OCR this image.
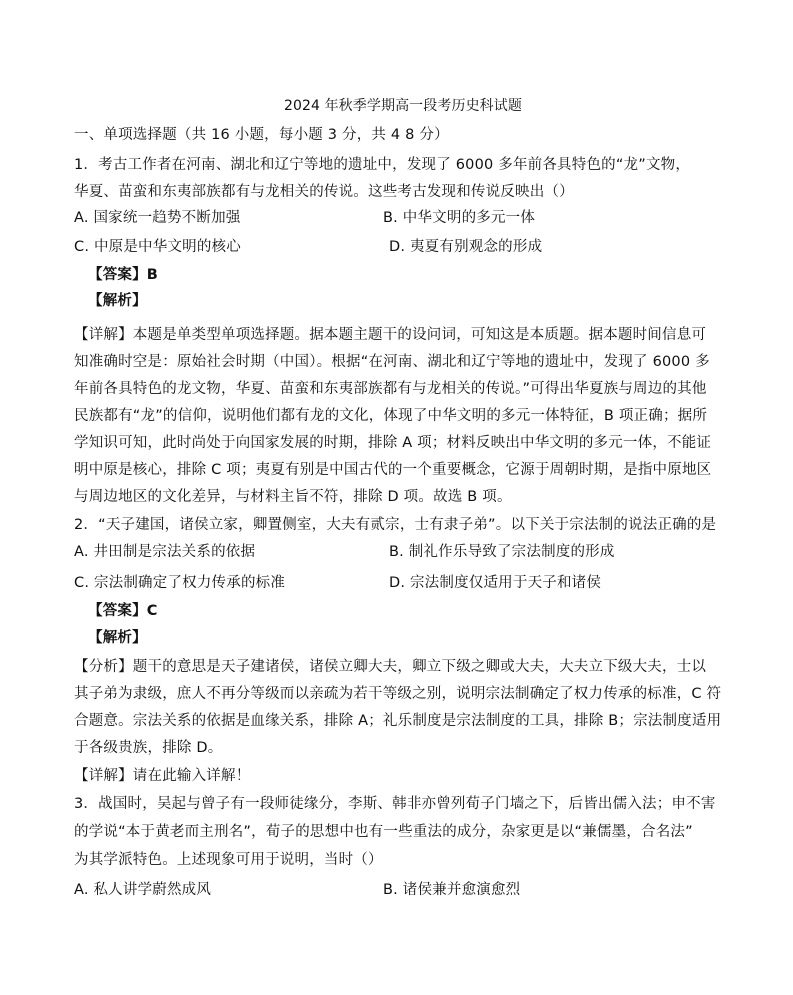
2024 年秋季学期高一段考历史科试题
一、单项选择题（共 16 小题，每小题 3 分，共 4 8 分）
1．考古工作者在河南、湖北和辽宁等地的遗址中，发现了 6000 多年前各具特色的“龙”文物，
华夏、苗蛮和东夷部族都有与龙相关的传说。这些考古发现和传说反映出（）
A. 国家统一趋势不断加强	B. 中华文明的多元一体
C. 中原是中华文明的核心	D. 夷夏有别观念的形成
【答案】B
【解析】
【详解】本题是单类型单项选择题。据本题主题干的设问词，可知这是本质题。据本题时间信息可
知准确时空是：原始社会时期（中国）。根据“在河南、湖北和辽宁等地的遗址中，发现了 6000 多
年前各具特色的龙文物，华夏、苗蛮和东夷部族都有与龙相关的传说。”可得出华夏族与周边的其他
民族都有“龙”的信仰，说明他们都有龙的文化，体现了中华文明的多元一体特征，B 项正确；据所
学知识可知，此时尚处于向国家发展的时期，排除 A 项；材料反映出中华文明的多元一体，不能证
明中原是核心，排除 C 项；夷夏有别是中国古代的一个重要概念，它源于周朝时期，是指中原地区
与周边地区的文化差异，与材料主旨不符，排除 D 项。故选 B 项。
2．“天子建国，诸侯立家，卿置侧室，大夫有贰宗，士有隶子弟”。以下关于宗法制的说法正确的是
A. 井田制是宗法关系的依据	B. 制礼作乐导致了宗法制度的形成
C. 宗法制确定了权力传承的标准	D. 宗法制度仅适用于天子和诸侯
【答案】C
【解析】
【分析】题干的意思是天子建诸侯，诸侯立卿大夫，卿立下级之卿或大夫，大夫立下级大夫，士以
其子弟为隶级，庶人不再分等级而以亲疏为若干等级之别，说明宗法制确定了权力传承的标准，C 符
合题意。宗法关系的依据是血缘关系，排除 A；礼乐制度是宗法制度的工具，排除 B；宗法制度适用
于各级贵族，排除 D。
【详解】请在此输入详解！
3．战国时，吴起与曾子有一段师徒缘分，李斯、韩非亦曾列荀子门墙之下，后皆出儒入法；申不害
的学说“本于黄老而主刑名”，荀子的思想中也有一些重法的成分，杂家更是以“兼儒墨，合名法”
为其学派特色。上述现象可用于说明，当时（）
A. 私人讲学蔚然成风	B. 诸侯兼并愈演愈烈
